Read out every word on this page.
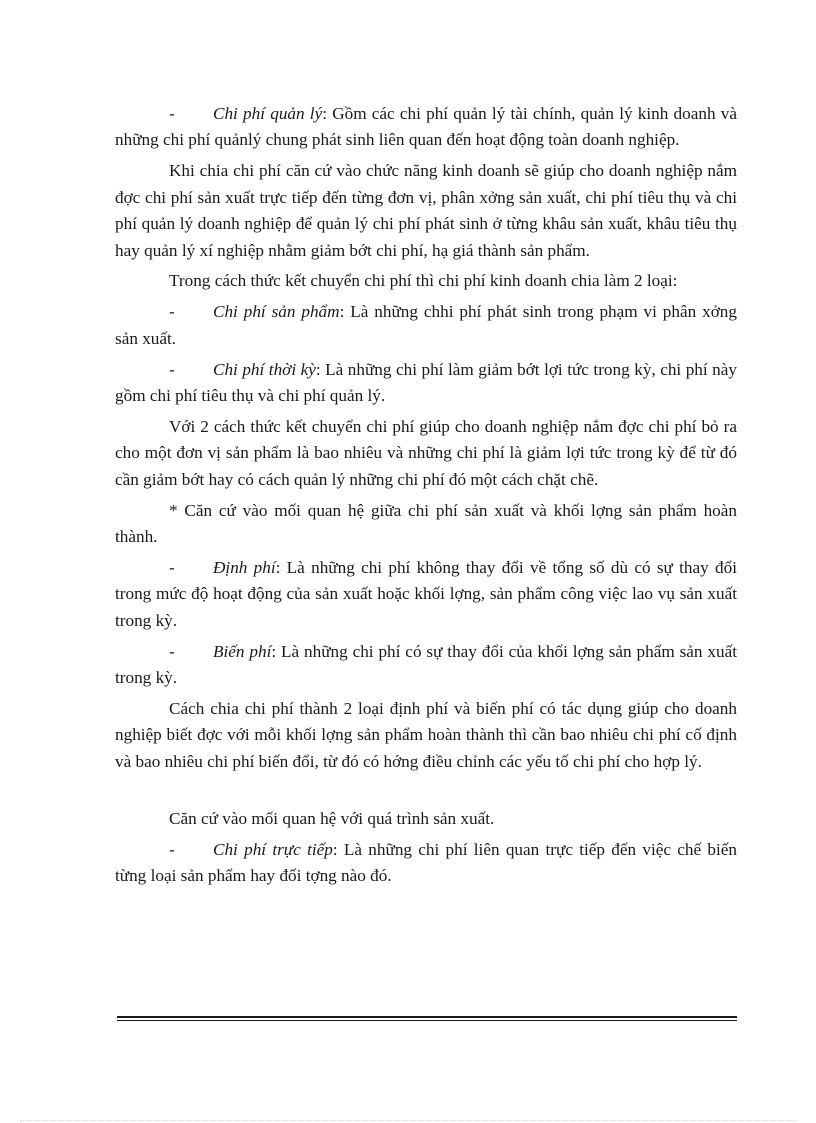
- Chi phí quản lý: Gồm các chi phí quản lý tài chính, quản lý kinh doanh và những chi phí quảnlý chung phát sinh liên quan đến hoạt động toàn doanh nghiệp.

Khi chia chi phí căn cứ vào chức năng kinh doanh sẽ giúp cho doanh nghiệp nắm đợc chi phí sản xuất trực tiếp đến từng đơn vị, phân xởng sản xuất, chi phí tiêu thụ và chi phí quản lý doanh nghiệp để quản lý chi phí phát sinh ở từng khâu sản xuất, khâu tiêu thụ hay quản lý xí nghiệp nhằm giảm bớt chi phí, hạ giá thành sản phẩm.

Trong cách thức kết chuyển chi phí thì chi phí kinh doanh chia làm 2 loại:

- Chi phí sản phẩm: Là những chhi phí phát sinh trong phạm vi phân xởng sản xuất.

- Chi phí thời kỳ: Là những chi phí làm giảm bớt lợi tức trong kỳ, chi phí này gồm chi phí tiêu thụ và chi phí quản lý.

Với 2 cách thức kết chuyển chi phí giúp cho doanh nghiệp nắm đợc chi phí bỏ ra cho một đơn vị sản phẩm là bao nhiêu và những chi phí là giảm lợi tức trong kỳ để từ đó cần giảm bớt hay có cách quản lý những chi phí đó một cách chặt chẽ.

* Căn cứ vào mối quan hệ giữa chi phí sản xuất và khối lợng sản phẩm hoàn thành.

- Định phí: Là những chi phí không thay đổi về tổng số dù có sự thay đổi trong mức độ hoạt động của sản xuất hoặc khối lợng, sản phẩm công việc lao vụ sản xuất trong kỳ.

- Biến phí: Là những chi phí có sự thay đổi của khối lợng sản phẩm sản xuất trong kỳ.

Cách chia chi phí thành 2 loại định phí và biến phí có tác dụng giúp cho doanh nghiệp biết đợc với mỗi khối lợng sản phẩm hoàn thành thì cần bao nhiêu chi phí cố định và bao nhiêu chi phí biến đổi, từ đó có hớng điều chỉnh các yếu tố chi phí cho hợp lý.

Căn cứ vào mối quan hệ với quá trình sản xuất.

- Chi phí trực tiếp: Là những chi phí liên quan trực tiếp đến việc chế biến từng loại sản phẩm hay đối tợng nào đó.
